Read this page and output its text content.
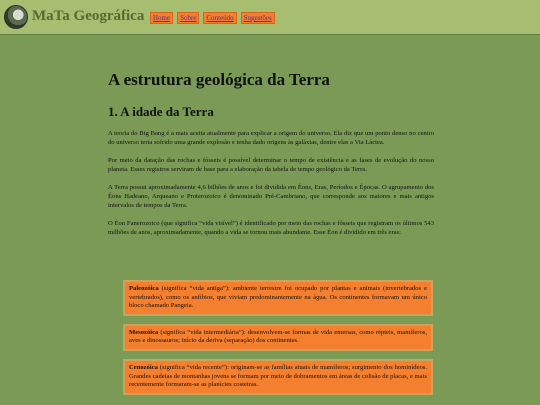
MaTa Geográfica	Home	Sobre	Conteúdo	Sugestões
A estrutura geológica da Terra
1. A idade da Terra

A teoria do Big Bang é a mais aceita atualmente para explicar a origem do universo. Ela diz que um ponto denso no centro do universo teria sofrido uma grande explosão e tenha dado origens às galáxias, dentre elas a Via Láctea.

Por meio da datação das rochas e fósseis é possível determinar o tempo de existência e as fases de evolução do nosso planeta. Esses registros serviram de base para a elaboração da tabela de tempo geológico da Terra.

A Terra possui aproximadamente 4,6 bilhões de anos e foi dividida em Éons, Eras, Períodos e Épocas. O agrupamento dos Éons Hadeano, Arqueano e Proterozoico é denominado Pré-Cambriano, que corresponde aos maiores e mais antigos intervalos de tempos da Terra.

O Éon Fanerozoico (que significa “vida visível”) é identificado por meio das rochas e fósseis que registram os últimos 543 milhões de anos, aproximadamente, quando a vida se tornou mais abundante. Esse Éon é dividido em três eras:

Paleozóica (significa “vida antiga”): ambiente terrestre foi ocupado por plantas e animais (invertebrados e vertebrados), como os anfíbios, que viviam predominantemente na água. Os continentes formavam um único bloco chamado Pangeia.
Mesozóica (significa “vida intermediária”): desenvolvem-se formas de vida emersas, como répteis, mamíferos, aves e dinossauros; início da deriva (separação) dos continentes.
Cenozóica (significa “vida recente”): originam-se as famílias atuais de mamíferos; surgimento dos hominídeos. Grandes cadeias de montanhas jovens se formam por meio de dobramentos em áreas de colisão de placas, e mais recentemente formaram-se as planícies costeiras.
